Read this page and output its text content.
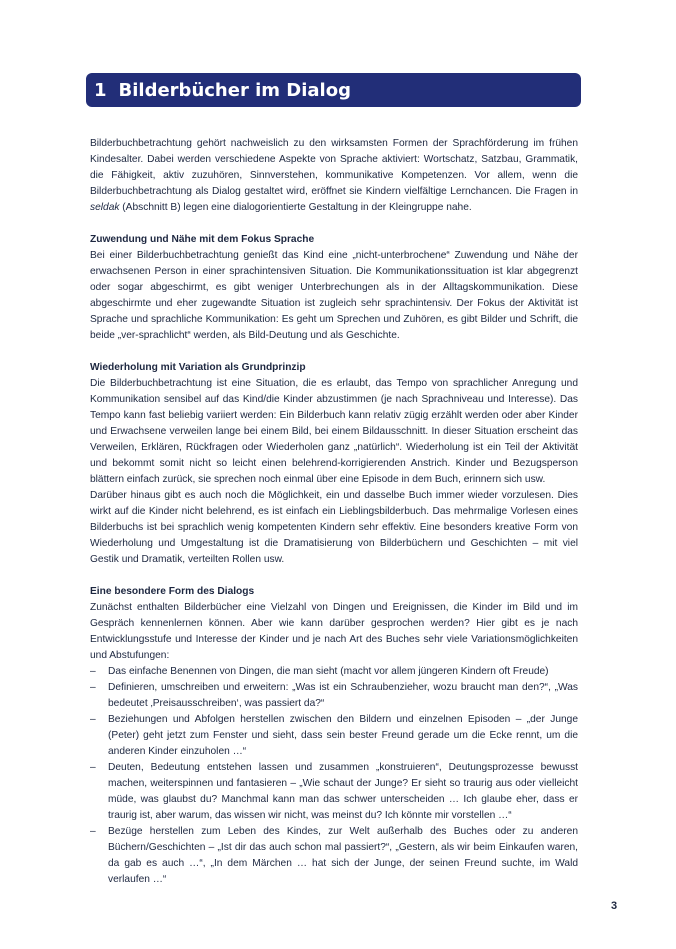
1 Bilderbücher im Dialog

Bilderbuchbetrachtung gehört nachweislich zu den wirksamsten Formen der Sprachförderung im frühen Kindesalter. Dabei werden verschiedene Aspekte von Sprache aktiviert: Wortschatz, Satzbau, Grammatik, die Fähigkeit, aktiv zuzuhören, Sinnverstehen, kommunikative Kompetenzen. Vor allem, wenn die Bilderbuchbetrachtung als Dialog gestaltet wird, eröffnet sie Kindern vielfältige Lernchancen. Die Fragen in seldak (Abschnitt B) legen eine dialogorientierte Gestaltung in der Kleingruppe nahe.

Zuwendung und Nähe mit dem Fokus Sprache

Bei einer Bilderbuchbetrachtung genießt das Kind eine „nicht-unterbrochene“ Zuwendung und Nähe der erwachsenen Person in einer sprachintensiven Situation. Die Kommunikationssituation ist klar abgegrenzt oder sogar abgeschirmt, es gibt weniger Unterbrechungen als in der Alltagskommunikation. Diese abgeschirmte und eher zugewandte Situation ist zugleich sehr sprachintensiv. Der Fokus der Aktivität ist Sprache und sprachliche Kommunikation: Es geht um Sprechen und Zuhören, es gibt Bilder und Schrift, die beide „ver-sprachlicht“ werden, als Bild-Deutung und als Geschichte.

Wiederholung mit Variation als Grundprinzip

Die Bilderbuchbetrachtung ist eine Situation, die es erlaubt, das Tempo von sprachlicher Anregung und Kommunikation sensibel auf das Kind/die Kinder abzustimmen (je nach Sprachniveau und Interesse). Das Tempo kann fast beliebig variiert werden: Ein Bilderbuch kann relativ zügig erzählt werden oder aber Kinder und Erwachsene verweilen lange bei einem Bild, bei einem Bildausschnitt. In dieser Situation erscheint das Verweilen, Erklären, Rückfragen oder Wiederholen ganz „natürlich“. Wiederholung ist ein Teil der Aktivität und bekommt somit nicht so leicht einen belehrend-korrigierenden Anstrich. Kinder und Bezugsperson blättern einfach zurück, sie sprechen noch einmal über eine Episode in dem Buch, erinnern sich usw.

Darüber hinaus gibt es auch noch die Möglichkeit, ein und dasselbe Buch immer wieder vorzulesen. Dies wirkt auf die Kinder nicht belehrend, es ist einfach ein Lieblingsbilderbuch. Das mehrmalige Vorlesen eines Bilderbuchs ist bei sprachlich wenig kompetenten Kindern sehr effektiv. Eine besonders kreative Form von Wiederholung und Umgestaltung ist die Dramatisierung von Bilderbüchern und Geschichten – mit viel Gestik und Dramatik, verteilten Rollen usw.

Eine besondere Form des Dialogs

Zunächst enthalten Bilderbücher eine Vielzahl von Dingen und Ereignissen, die Kinder im Bild und im Gespräch kennenlernen können. Aber wie kann darüber gesprochen werden? Hier gibt es je nach Entwicklungsstufe und Interesse der Kinder und je nach Art des Buches sehr viele Variationsmöglichkeiten und Abstufungen:

– Das einfache Benennen von Dingen, die man sieht (macht vor allem jüngeren Kindern oft Freude)
– Definieren, umschreiben und erweitern: „Was ist ein Schraubenzieher, wozu braucht man den?“, „Was bedeutet ‚Preisausschreiben‘, was passiert da?“
– Beziehungen und Abfolgen herstellen zwischen den Bildern und einzelnen Episoden – „der Junge (Peter) geht jetzt zum Fenster und sieht, dass sein bester Freund gerade um die Ecke rennt, um die anderen Kinder einzuholen …“
– Deuten, Bedeutung entstehen lassen und zusammen „konstruieren“, Deutungsprozesse bewusst machen, weiterspinnen und fantasieren – „Wie schaut der Junge? Er sieht so traurig aus oder vielleicht müde, was glaubst du? Manchmal kann man das schwer unterscheiden … Ich glaube eher, dass er traurig ist, aber warum, das wissen wir nicht, was meinst du? Ich könnte mir vorstellen …“
– Bezüge herstellen zum Leben des Kindes, zur Welt außerhalb des Buches oder zu anderen Büchern/Geschichten – „Ist dir das auch schon mal passiert?“, „Gestern, als wir beim Einkaufen waren, da gab es auch …“, „In dem Märchen … hat sich der Junge, der seinen Freund suchte, im Wald verlaufen …“
3
